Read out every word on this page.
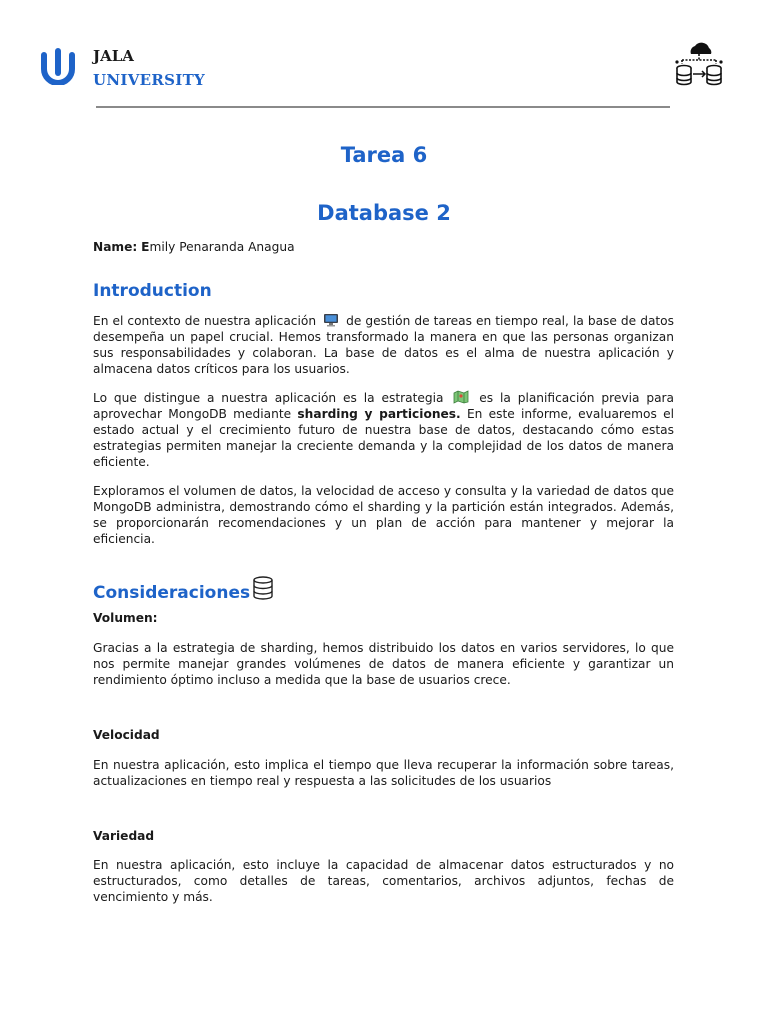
JALA
UNIVERSITY
Tarea 6
Database 2
Name: Emily Penaranda Anagua
Introduction

En el contexto de nuestra aplicación de gestión de tareas en tiempo real, la base de datos desempeña un papel crucial. Hemos transformado la manera en que las personas organizan sus responsabilidades y colaboran. La base de datos es el alma de nuestra aplicación y almacena datos críticos para los usuarios.

Lo que distingue a nuestra aplicación es la estrategia	es la planificación previa para aprovechar MongoDB mediante sharding y particiones. En este informe, evaluaremos el estado actual y el crecimiento futuro de nuestra base de datos, destacando cómo estas estrategias permiten manejar la creciente demanda y la complejidad de los datos de manera eficiente.

Exploramos el volumen de datos, la velocidad de acceso y consulta y la variedad de datos que MongoDB administra, demostrando cómo el sharding y la partición están integrados. Además, se proporcionarán recomendaciones y un plan de acción para mantener y mejorar la eficiencia.

Consideraciones
Volumen:

Gracias a la estrategia de sharding, hemos distribuido los datos en varios servidores, lo que nos permite manejar grandes volúmenes de datos de manera eficiente y garantizar un rendimiento óptimo incluso a medida que la base de usuarios crece.

Velocidad

En nuestra aplicación, esto implica el tiempo que lleva recuperar la información sobre tareas, actualizaciones en tiempo real y respuesta a las solicitudes de los usuarios

Variedad

En nuestra aplicación, esto incluye la capacidad de almacenar datos estructurados y no estructurados, como detalles de tareas, comentarios, archivos adjuntos, fechas de vencimiento y más.
